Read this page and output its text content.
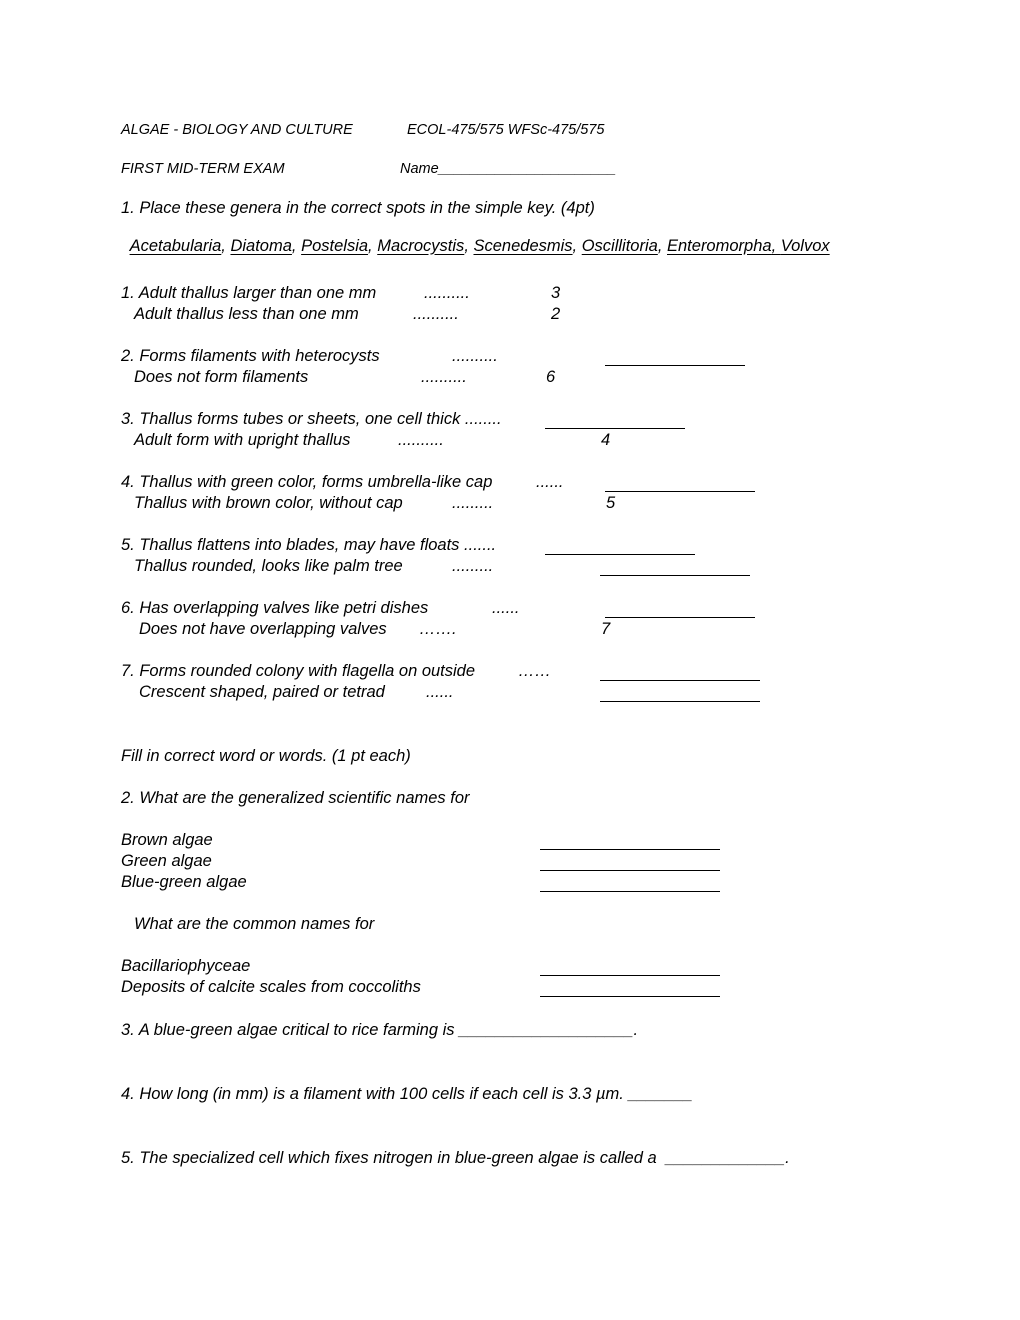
ALGAE - BIOLOGY AND CULTURE	ECOL-475/575 WFSc-475/575
FIRST MID-TERM EXAM	Name______________________
1. Place these genera in the correct spots in the simple key. (4pt)

Acetabularia, Diatoma, Postelsia, Macrocystis, Scenedesmis, Oscillitoria, Enteromorpha, Volvox

1. Adult thallus larger than one mm	..........	3
Adult thallus less than one mm	..........	2
2. Forms filaments with heterocysts	..........
Does not form filaments	..........	6
3. Thallus forms tubes or sheets, one cell thick ........
Adult form with upright thallus	..........	4
4. Thallus with green color, forms umbrella-like cap	......
Thallus with brown color, without cap	.........	5
5. Thallus flattens into blades, may have floats .......
Thallus rounded, looks like palm tree	.........
6. Has overlapping valves like petri dishes	......
Does not have overlapping valves …….	7
7. Forms rounded colony with flagella on outside	……
Crescent shaped, paired or tetrad ......
Fill in correct word or words. (1 pt each)
2. What are the generalized scientific names for
Brown algae
Green algae
Blue-green algae
What are the common names for
Bacillariophyceae
Deposits of calcite scales from coccoliths
3. A blue-green algae critical to rice farming is ___________________.
4. How long (in mm) is a filament with 100 cells if each cell is 3.3 µm. _______
5. The specialized cell which fixes nitrogen in blue-green algae is called a  _____________.
